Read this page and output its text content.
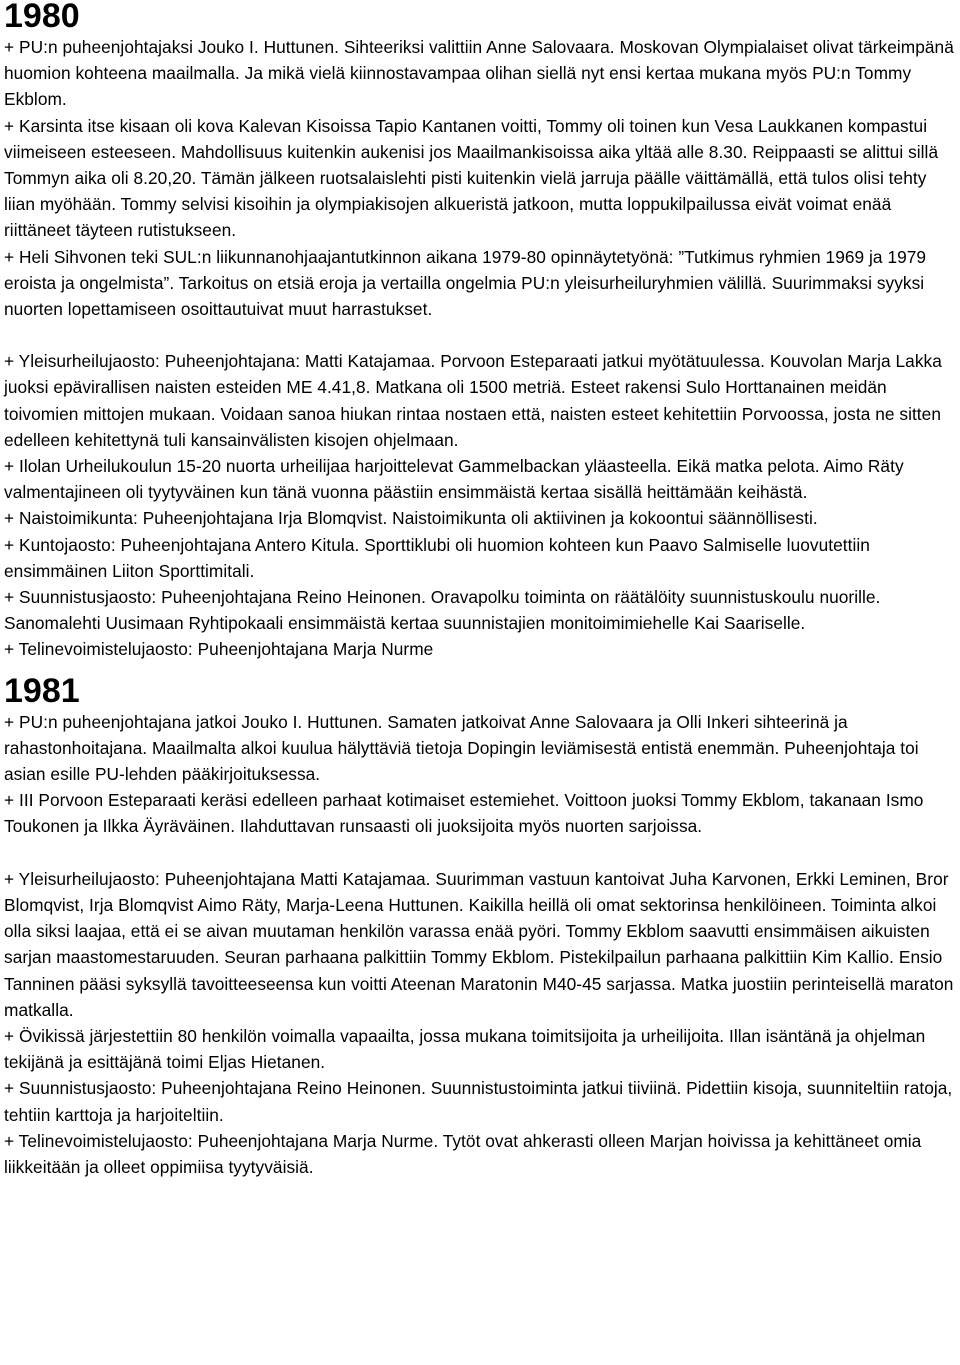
1980

+ PU:n puheenjohtajaksi Jouko I. Huttunen. Sihteeriksi valittiin Anne Salovaara. Moskovan Olympialaiset olivat tärkeimpänä huomion kohteena maailmalla. Ja mikä vielä kiinnostavampaa olihan siellä nyt ensi kertaa mukana myös PU:n Tommy Ekblom.

+ Karsinta itse kisaan oli kova Kalevan Kisoissa Tapio Kantanen voitti, Tommy oli toinen kun Vesa Laukkanen kompastui viimeiseen esteeseen. Mahdollisuus kuitenkin aukenisi jos Maailmankisoissa aika yltää alle 8.30. Reippaasti se alittui sillä Tommyn aika oli 8.20,20. Tämän jälkeen ruotsalaislehti pisti kuitenkin vielä jarruja päälle väittämällä, että tulos olisi tehty liian myöhään. Tommy selvisi kisoihin ja olympiakisojen alkueristä jatkoon, mutta loppukilpailussa eivät voimat enää riittäneet täyteen rutistukseen.

+ Heli Sihvonen teki SUL:n liikunnanohjaajantutkinnon aikana 1979-80 opinnäytetyönä: ”Tutkimus ryhmien 1969 ja 1979 eroista ja ongelmista”. Tarkoitus on etsiä eroja ja vertailla ongelmia PU:n yleisurheiluryhmien välillä. Suurimmaksi syyksi nuorten lopettamiseen osoittautuivat muut harrastukset.

+ Yleisurheilujaosto: Puheenjohtajana: Matti Katajamaa. Porvoon Esteparaati jatkui myötätuulessa. Kouvolan Marja Lakka juoksi epävirallisen naisten esteiden ME 4.41,8. Matkana oli 1500 metriä. Esteet rakensi Sulo Horttanainen meidän toivomien mittojen mukaan. Voidaan sanoa hiukan rintaa nostaen että, naisten esteet kehitettiin Porvoossa, josta ne sitten edelleen kehitettynä tuli kansainvälisten kisojen ohjelmaan.

+ Ilolan Urheilukoulun 15-20 nuorta urheilijaa harjoittelevat Gammelbackan yläasteella. Eikä matka pelota. Aimo Räty valmentajineen oli tyytyväinen kun tänä vuonna päästiin ensimmäistä kertaa sisällä heittämään keihästä.

+ Naistoimikunta: Puheenjohtajana Irja Blomqvist. Naistoimikunta oli aktiivinen ja kokoontui säännöllisesti.

+ Kuntojaosto: Puheenjohtajana Antero Kitula. Sporttiklubi oli huomion kohteen kun Paavo Salmiselle luovutettiin ensimmäinen Liiton Sporttimitali.

+ Suunnistusjaosto: Puheenjohtajana Reino Heinonen. Oravapolku toiminta on räätälöity suunnistuskoulu nuorille. Sanomalehti Uusimaan Ryhtipokaali ensimmäistä kertaa suunnistajien monitoimimiehelle Kai Saariselle.

+ Telinevoimistelujaosto: Puheenjohtajana Marja Nurme

1981

+ PU:n puheenjohtajana jatkoi Jouko I. Huttunen. Samaten jatkoivat Anne Salovaara ja Olli Inkeri sihteerinä ja rahastonhoitajana. Maailmalta alkoi kuulua hälyttäviä tietoja Dopingin leviämisestä entistä enemmän. Puheenjohtaja toi asian esille PU-lehden pääkirjoituksessa.

+ III Porvoon Esteparaati keräsi edelleen parhaat kotimaiset estemiehet. Voittoon juoksi Tommy Ekblom, takanaan Ismo Toukonen ja Ilkka Äyräväinen. Ilahduttavan runsaasti oli juoksijoita myös nuorten sarjoissa.

+ Yleisurheilujaosto: Puheenjohtajana Matti Katajamaa. Suurimman vastuun kantoivat Juha Karvonen, Erkki Leminen, Bror Blomqvist, Irja Blomqvist Aimo Räty, Marja-Leena Huttunen. Kaikilla heillä oli omat sektorinsa henkilöineen. Toiminta alkoi olla siksi laajaa, että ei se aivan muutaman henkilön varassa enää pyöri. Tommy Ekblom saavutti ensimmäisen aikuisten sarjan maastomestaruuden. Seuran parhaana palkittiin Tommy Ekblom. Pistekilpailun parhaana palkittiin Kim Kallio. Ensio Tanninen pääsi syksyllä tavoitteeseensa kun voitti Ateenan Maratonin M40-45 sarjassa. Matka juostiin perinteisellä maraton matkalla.

+ Övikissä järjestettiin 80 henkilön voimalla vapaailta, jossa mukana toimitsijoita ja urheilijoita. Illan isäntänä ja ohjelman tekijänä ja esittäjänä toimi Eljas Hietanen.

+ Suunnistusjaosto: Puheenjohtajana Reino Heinonen. Suunnistustoiminta jatkui tiiviinä. Pidettiin kisoja, suunniteltiin ratoja, tehtiin karttoja ja harjoiteltiin.

+ Telinevoimistelujaosto: Puheenjohtajana Marja Nurme. Tytöt ovat ahkerasti olleen Marjan hoivissa ja kehittäneet omia liikkeitään ja olleet oppimiisa tyytyväisiä.
